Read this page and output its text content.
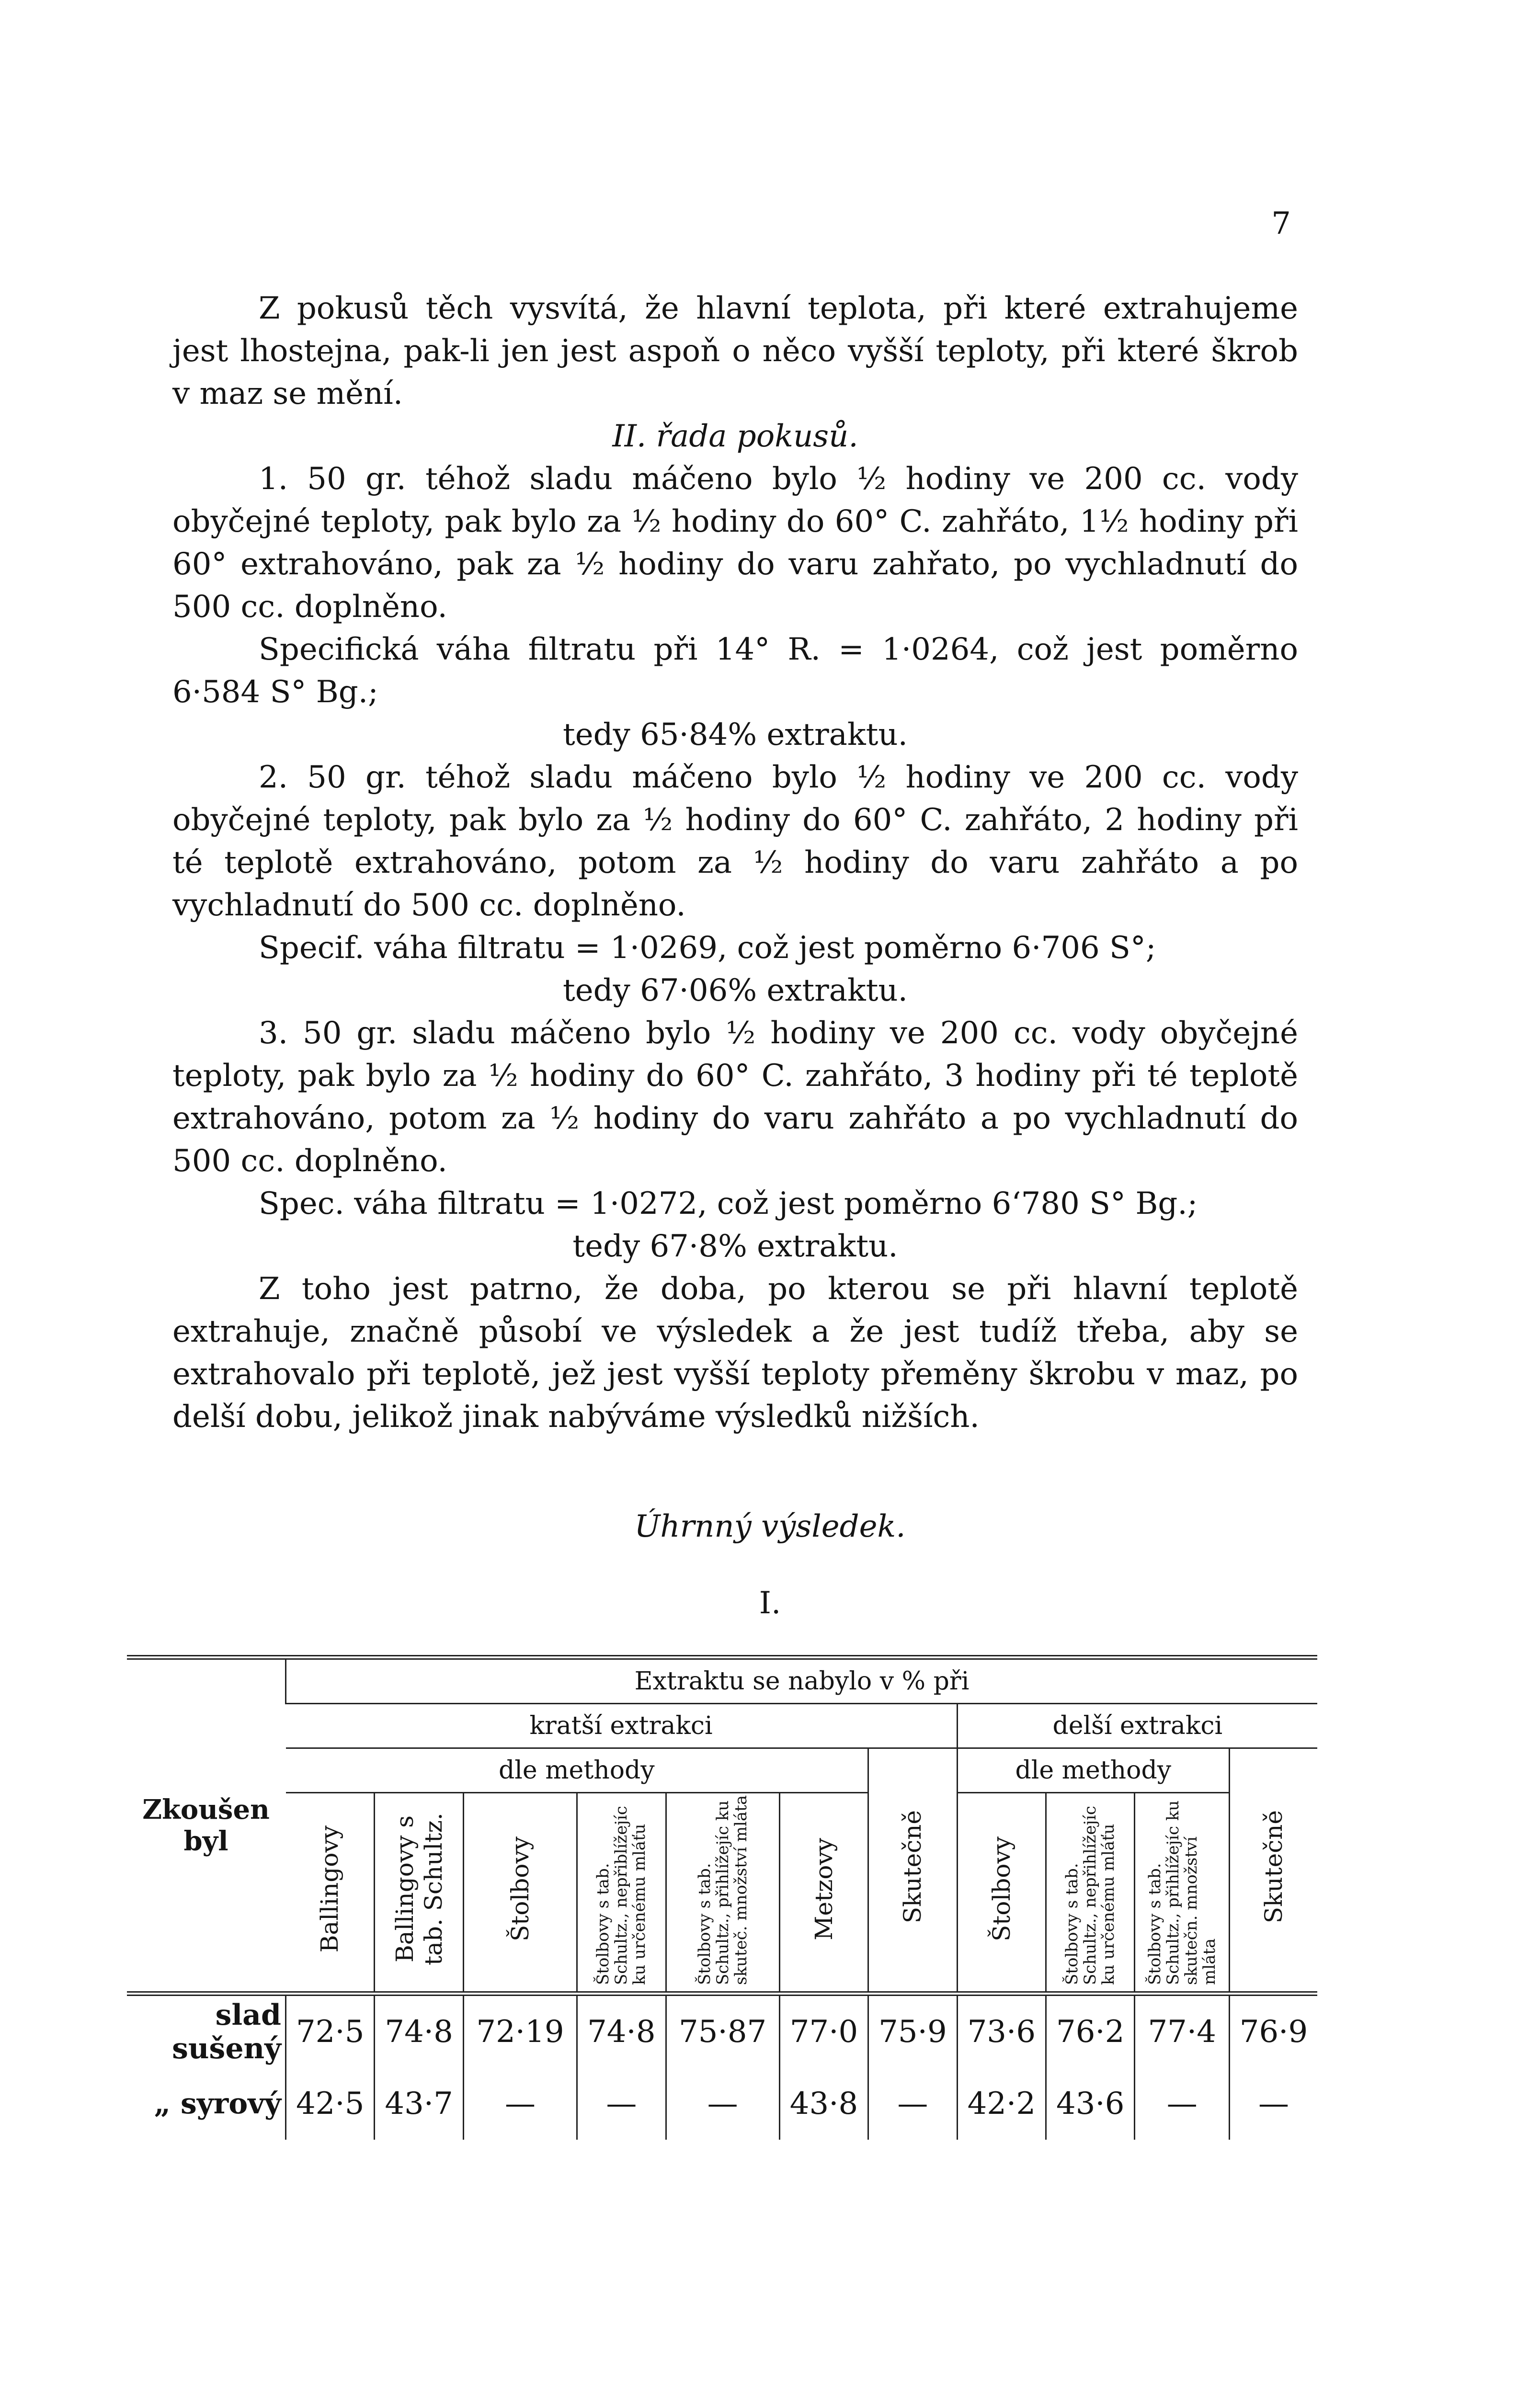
7

Z pokusů těch vysvítá, že hlavní teplota, při které extrahujeme jest lhostejna, pak-li jen jest aspoň o něco vyšší teploty, při které škrob v maz se mění.

II. řada pokusů.

1. 50 gr. téhož sladu máčeno bylo ½ hodiny ve 200 cc. vody obyčejné teploty, pak bylo za ½ hodiny do 60° C. zahřáto, 1½ hodiny při 60° extrahováno, pak za ½ hodiny do varu zahřato, po vychladnutí do 500 cc. doplněno.

Specifická váha filtratu při 14° R. = 1·0264, což jest poměrno 6·584 S° Bg.;

tedy 65·84% extraktu.

2. 50 gr. téhož sladu máčeno bylo ½ hodiny ve 200 cc. vody obyčejné teploty, pak bylo za ½ hodiny do 60° C. zahřáto, 2 hodiny při té teplotě extrahováno, potom za ½ hodiny do varu zahřáto a po vychladnutí do 500 cc. doplněno.

Specif. váha filtratu = 1·0269, což jest poměrno 6·706 S°;

tedy 67·06% extraktu.

3. 50 gr. sladu máčeno bylo ½ hodiny ve 200 cc. vody obyčejné teploty, pak bylo za ½ hodiny do 60° C. zahřáto, 3 hodiny při té teplotě extrahováno, potom za ½ hodiny do varu zahřáto a po vychladnutí do 500 cc. doplněno.

Spec. váha filtratu = 1·0272, což jest poměrno 6‘780 S° Bg.;

tedy 67·8% extraktu.

Z toho jest patrno, že doba, po kterou se při hlavní teplotě extrahuje, značně působí ve výsledek a že jest tudíž třeba, aby se extrahovalo při teplotě, jež jest vyšší teploty přeměny škrobu v maz, po delší dobu, jelikož jinak nabýváme výsledků nižších.

Úhrnný výsledek.
I.
Zkoušen byl	Extraktu se nabylo v % při										
	kratší extrakci							delší extrakci			
	dle methody						Skutečně	dle methody			Skutečně
	Ballingovy	Ballingovy s tab. Schultz.	Štolbovy	Štolbovy s tab. Schultz., nepřiblížejíc ku určenému mláťu	Štolbovy s tab. Schultz., přihlížejíc ku skuteč. množství mláta	Metzovy		Štolbovy	Štolbovy s tab. Schultz., nepřihlížejíc ku určenému mláťu	Štolbovy s tab. Schultz., přihlížejíc ku skutečn. množství mláta	
slad sušený	72·5	74·8	72·19	74·8	75·87	77·0	75·9	73·6	76·2	77·4	76·9
„ syrový	42·5	43·7	—	—	—	43·8	—	42·2	43·6	—	—
